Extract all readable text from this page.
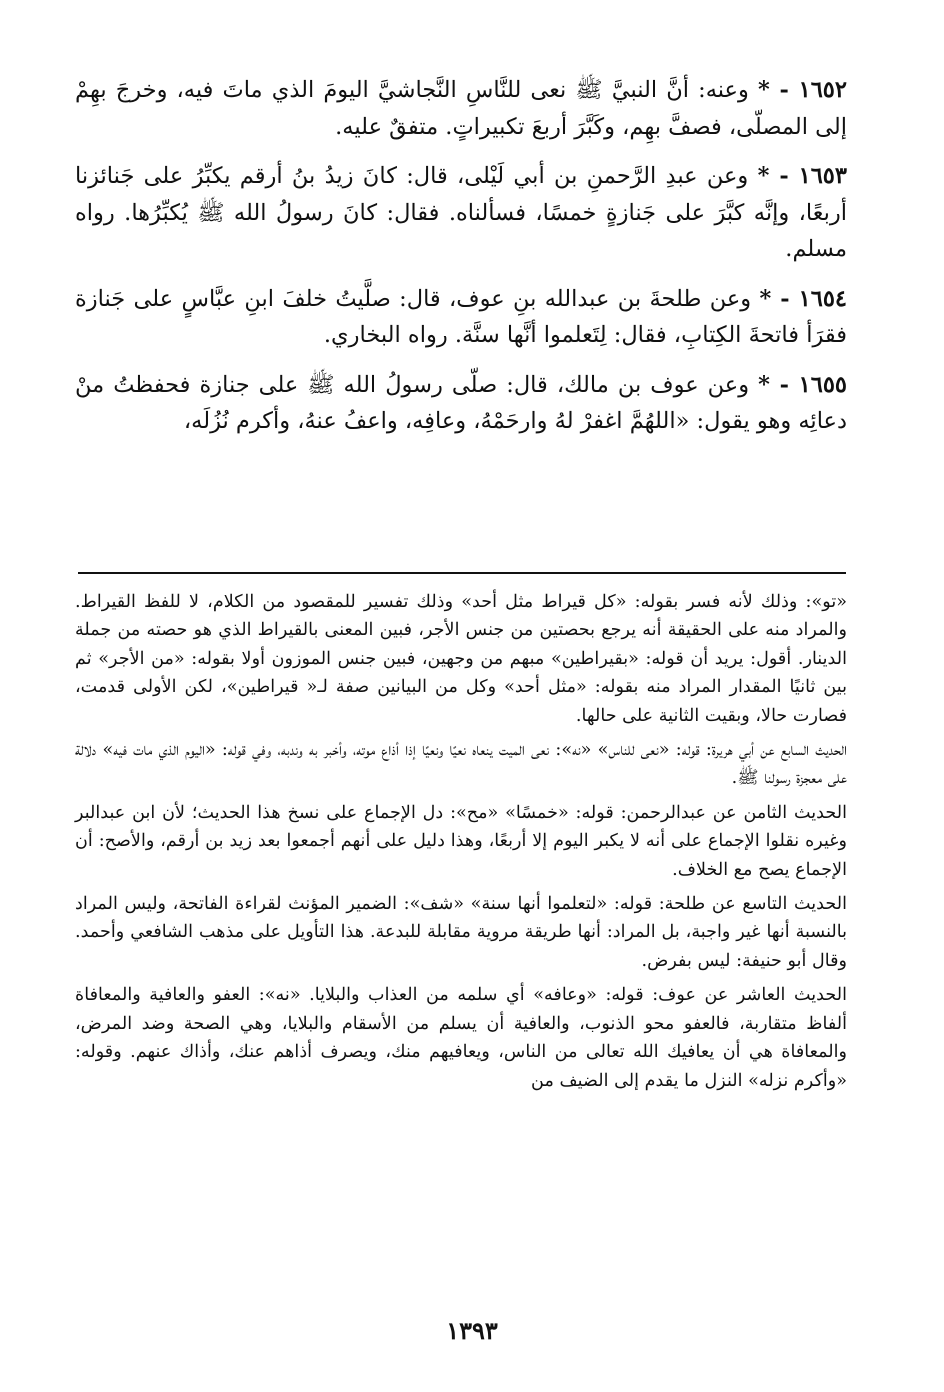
١٦٥٢ - * وعنه: أنَّ النبيَّ ﷺ نعى للنَّاسِ النَّجاشيَّ اليومَ الذي ماتَ فيه، وخرجَ بهِمْ إلى المصلّى، فصفَّ بهِم، وكَبَّرَ أربعَ تكبيراتٍ. متفقٌ عليه.

١٦٥٣ - * وعن عبدِ الرَّحمنِ بن أبي لَيْلى، قال: كانَ زيدُ بنُ أرقم يكبِّرُ على جَنائزنا أربعًا، وإنَّه كبَّرَ على جَنازةٍ خمسًا، فسألناه. فقال: كانَ رسولُ الله ﷺ يُكبِّرُها. رواه مسلم.

١٦٥٤ - * وعن طلحةَ بن عبدالله بنِ عوف، قال: صلَّيتُ خلفَ ابنِ عبَّاسٍ على جَنازة فقرَأ فاتحةَ الكِتابِ، فقال: لِتَعلموا أنَّها سنَّة. رواه البخاري.

١٦٥٥ - * وعن عوف بن مالك، قال: صلّى رسولُ الله ﷺ على جنازة فحفظتُ منْ دعائِه وهو يقول: «اللهُمَّ اغفرْ لهُ وارحَمْهُ، وعافِه، واعفُ عنهُ، وأكرم نُزُلَه،

«تو»: وذلك لأنه فسر بقوله: «كل قيراط مثل أحد» وذلك تفسير للمقصود من الكلام، لا للفظ القيراط. والمراد منه على الحقيقة أنه يرجع بحصتين من جنس الأجر، فبين المعنى بالقيراط الذي هو حصته من جملة الدينار. أقول: يريد أن قوله: «بقيراطين» مبهم من وجهين، فبين جنس الموزون أولا بقوله: «من الأجر» ثم بين ثانيًا المقدار المراد منه بقوله: «مثل أحد» وكل من البيانين صفة لـ« قيراطين»، لكن الأولى قدمت، فصارت حالا، وبقيت الثانية على حالها.

الحديث السابع عن أبي هريرة: قوله: «نعى للناس» «نه»: نعى الميت ينعاه نعيًا ونعيًا إذا أذاع موته، وأخبر به وندبه، وفي قوله: «اليوم الذي مات فيه» دلالة على معجزة رسولنا ﷺ.

الحديث الثامن عن عبدالرحمن: قوله: «خمسًا» «مح»: دل الإجماع على نسخ هذا الحديث؛ لأن ابن عبدالبر وغيره نقلوا الإجماع على أنه لا يكبر اليوم إلا أربعًا، وهذا دليل على أنهم أجمعوا بعد زيد بن أرقم، والأصح: أن الإجماع يصح مع الخلاف.

الحديث التاسع عن طلحة: قوله: «لتعلموا أنها سنة» «شف»: الضمير المؤنث لقراءة الفاتحة، وليس المراد بالنسبة أنها غير واجبة، بل المراد: أنها طريقة مروية مقابلة للبدعة. هذا التأويل على مذهب الشافعي وأحمد. وقال أبو حنيفة: ليس بفرض.

الحديث العاشر عن عوف: قوله: «وعافه» أي سلمه من العذاب والبلايا. «نه»: العفو والعافية والمعافاة ألفاظ متقاربة، فالعفو محو الذنوب، والعافية أن يسلم من الأسقام والبلايا، وهي الصحة وضد المرض، والمعافاة هي أن يعافيك الله تعالى من الناس، ويعافيهم منك، ويصرف أذاهم عنك، وأذاك عنهم. وقوله: «وأكرم نزله» النزل ما يقدم إلى الضيف من

١٣٩٣
